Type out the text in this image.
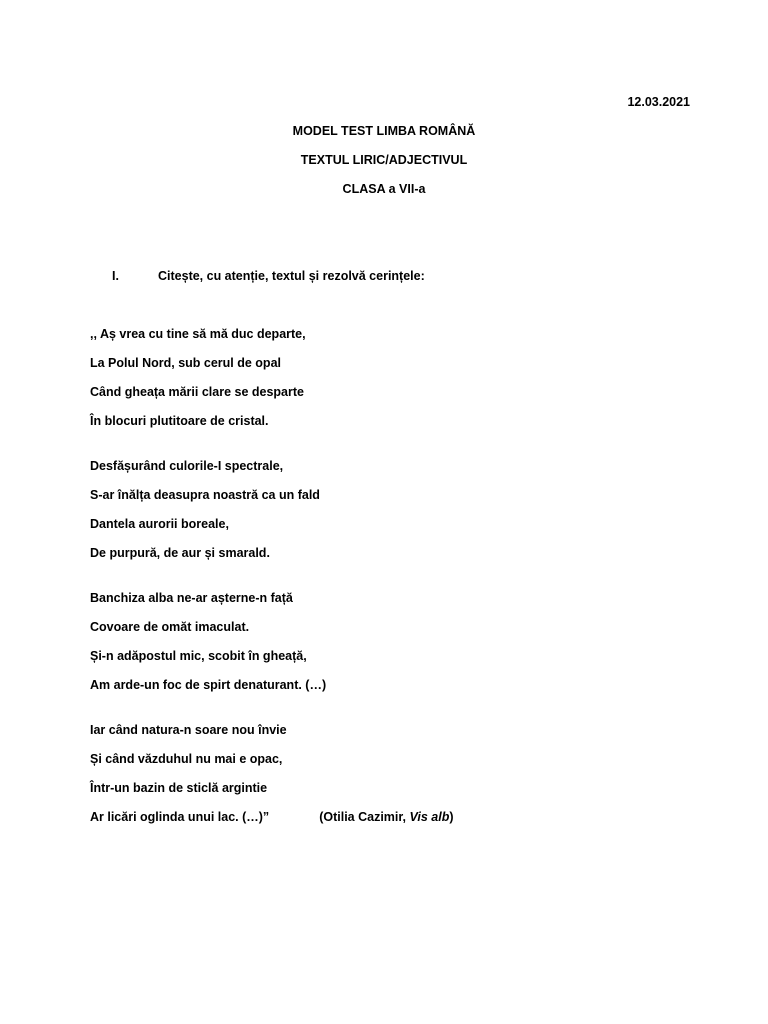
12.03.2021
MODEL TEST LIMBA ROMÂNĂ
TEXTUL LIRIC/ADJECTIVUL
CLASA a VII-a
I.	Citește, cu atenție, textul și rezolvă cerințele:
,, Aș vrea cu tine să mă duc departe,
La Polul Nord, sub cerul de opal
Când gheața mării clare se desparte
În blocuri plutitoare de cristal.
Desfășurând culorile-I spectrale,
S-ar înălța deasupra noastră ca un fald
Dantela aurorii boreale,
De purpură, de aur și smarald.
Banchiza alba ne-ar așterne-n față
Covoare de omăt imaculat.
Și-n adăpostul mic, scobit în gheață,
Am arde-un foc de spirt denaturant. (…)
Iar când natura-n soare nou învie
Și când văzduhul nu mai e opac,
Într-un bazin de sticlă argintie
Ar licări oglinda unui lac. (…)”	(Otilia Cazimir, Vis alb)
